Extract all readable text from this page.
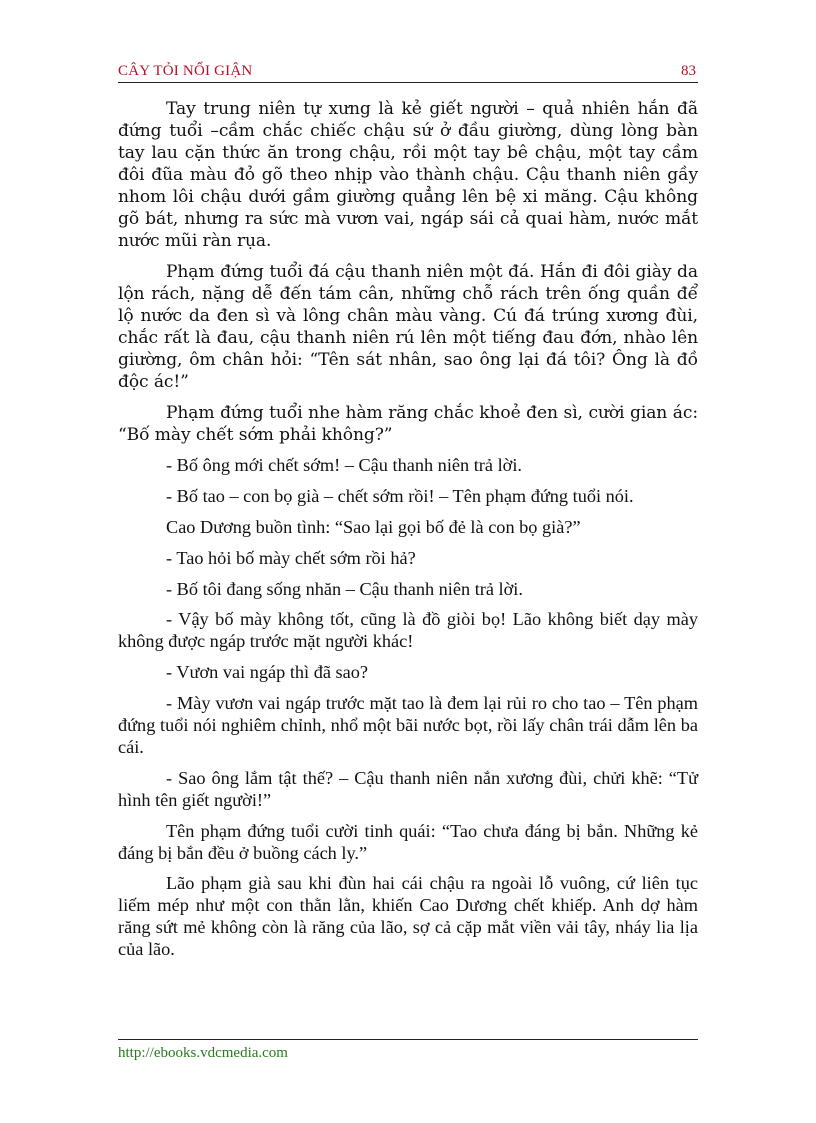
CÂY TỎI NỔI GIẬN	83

Tay trung niên tự xưng là kẻ giết người – quả nhiên hắn đã đứng tuổi –cầm chắc chiếc chậu sứ ở đầu giường, dùng lòng bàn tay lau cặn thức ăn trong chậu, rồi một tay bê chậu, một tay cầm đôi đũa màu đỏ gõ theo nhịp vào thành chậu. Cậu thanh niên gầy nhom lôi chậu dưới gầm giường quẳng lên bệ xi măng. Cậu không gõ bát, nhưng ra sức mà vươn vai, ngáp sái cả quai hàm, nước mắt nước mũi ràn rụa.

Phạm đứng tuổi đá cậu thanh niên một đá. Hắn đi đôi giày da lộn rách, nặng dễ đến tám cân, những chỗ rách trên ống quần để lộ nước da đen sì và lông chân màu vàng. Cú đá trúng xương đùi, chắc rất là đau, cậu thanh niên rú lên một tiếng đau đớn, nhào lên giường, ôm chân hỏi: “Tên sát nhân, sao ông lại đá tôi? Ông là đồ độc ác!”

Phạm đứng tuổi nhe hàm răng chắc khoẻ đen sì, cười gian ác: “Bố mày chết sớm phải không?”

- Bố ông mới chết sớm! – Cậu thanh niên trả lời.

- Bố tao – con bọ già – chết sớm rồi! – Tên phạm đứng tuổi nói.

Cao Dương buồn tình: “Sao lại gọi bố đẻ là con bọ già?”

- Tao hỏi bố mày chết sớm rồi hả?

- Bố tôi đang sống nhăn – Cậu thanh niên trả lời.

- Vậy bố mày không tốt, cũng là đồ giòi bọ! Lão không biết dạy mày không được ngáp trước mặt người khác!

- Vươn vai ngáp thì đã sao?

- Mày vươn vai ngáp trước mặt tao là đem lại rủi ro cho tao – Tên phạm đứng tuổi nói nghiêm chỉnh, nhổ một bãi nước bọt, rồi lấy chân trái dẫm lên ba cái.

- Sao ông lắm tật thế? – Cậu thanh niên nắn xương đùi, chửi khẽ: “Tử hình tên giết người!”

Tên phạm đứng tuổi cười tinh quái: “Tao chưa đáng bị bắn. Những kẻ đáng bị bắn đều ở buồng cách ly.”

Lão phạm già sau khi đùn hai cái chậu ra ngoài lỗ vuông, cứ liên tục liếm mép như một con thằn lằn, khiến Cao Dương chết khiếp. Anh dợ hàm răng sứt mẻ không còn là răng của lão, sợ cả cặp mắt viền vải tây, nháy lia lịa của lão.

http://ebooks.vdcmedia.com
